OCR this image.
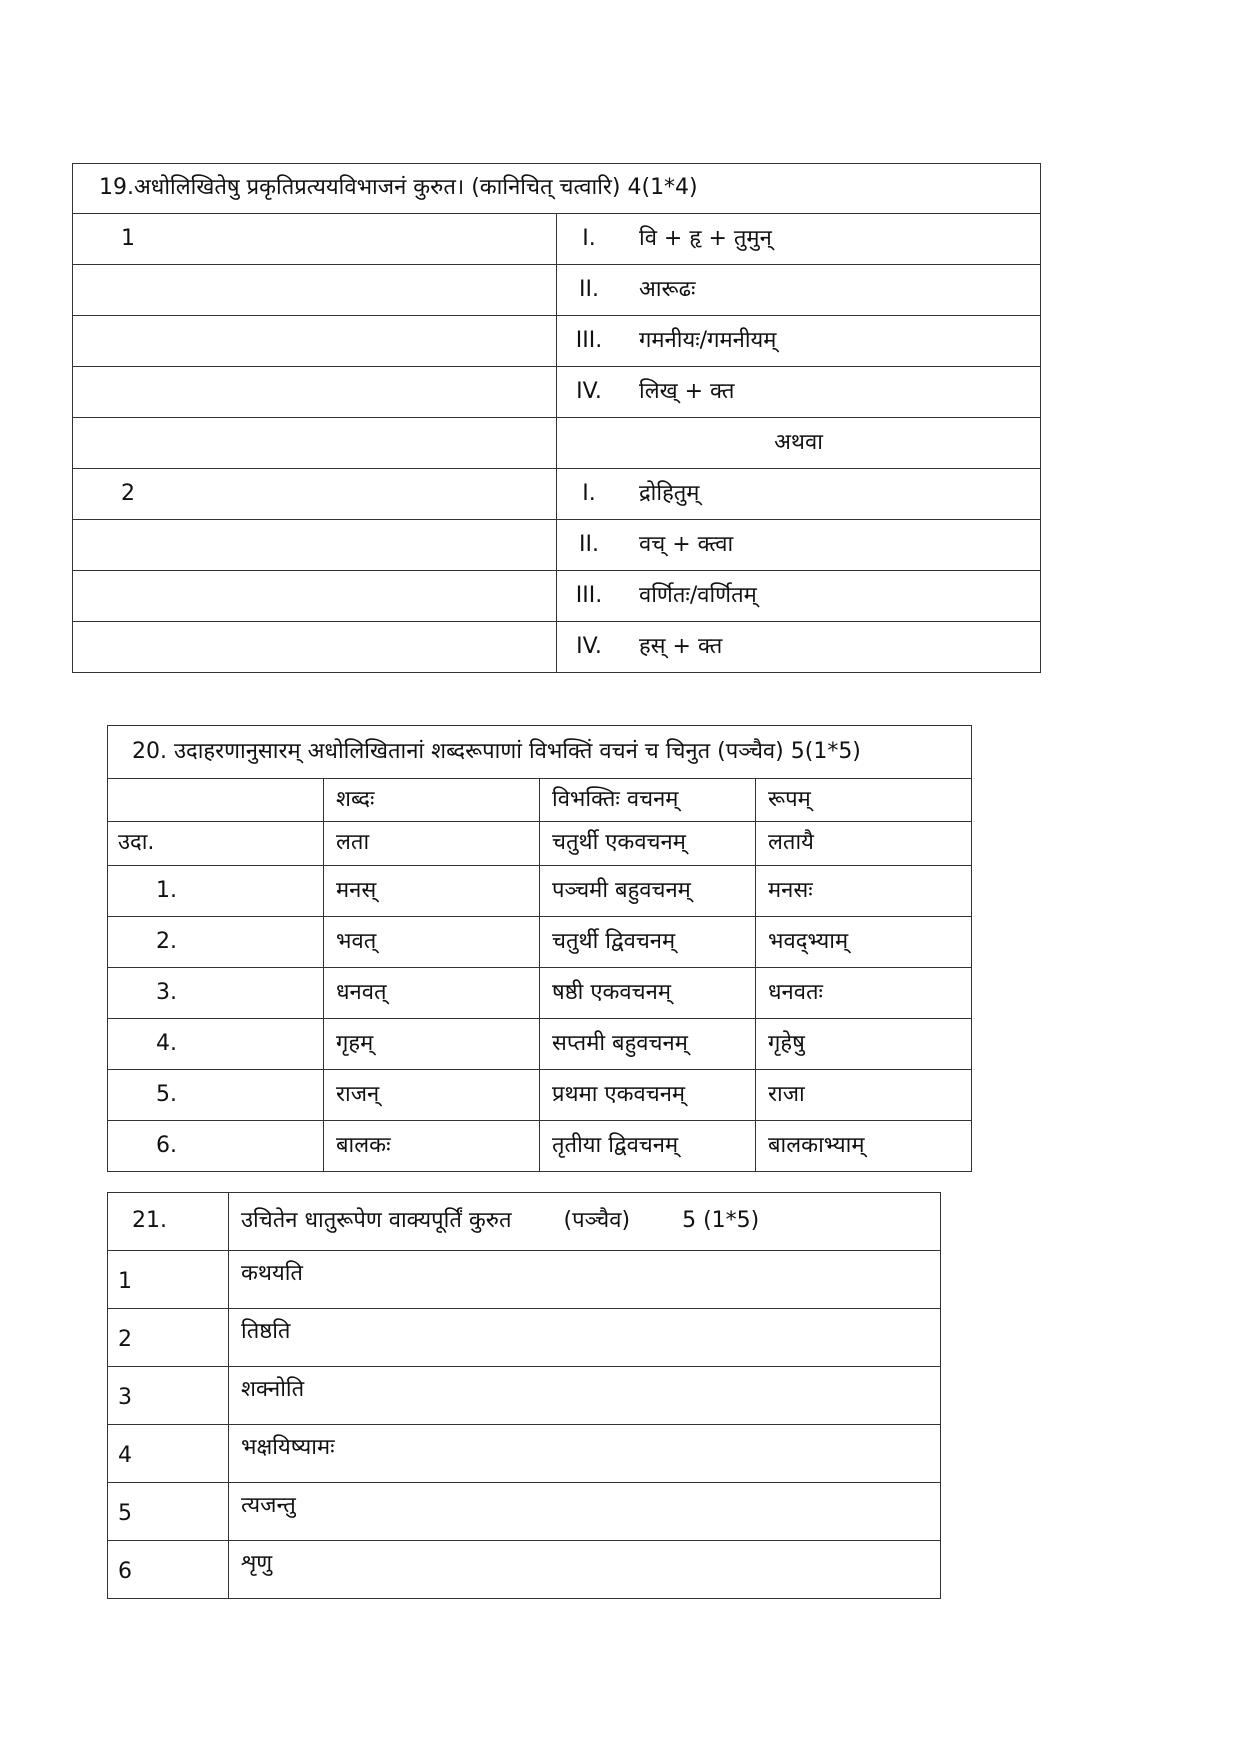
19.अधोलिखितेषु प्रकृतिप्रत्ययविभाजनं कुरुत। (कानिचित् चत्वारि) 4(1*4)	
1	I. वि + हृ + तुमुन्
	II. आरूढः
	III. गमनीयः/गमनीयम्
	IV. लिख् + क्त
	अथवा
2	I. द्रोहितुम्
	II. वच् + क्त्वा
	III. वर्णितः/वर्णितम्
	IV. हस् + क्त
20. उदाहरणानुसारम् अधोलिखितानां शब्दरूपाणां विभक्तिं वचनं च चिनुत (पञ्चैव) 5(1*5)			
	शब्दः	विभक्तिः वचनम्	रूपम्
उदा.	लता	चतुर्थी एकवचनम्	लतायै
1.	मनस्	पञ्चमी बहुवचनम्	मनसः
2.	भवत्	चतुर्थी द्विवचनम्	भवद्भ्याम्
3.	धनवत्	षष्ठी एकवचनम्	धनवतः
4.	गृहम्	सप्तमी बहुवचनम्	गृहेषु
5.	राजन्	प्रथमा एकवचनम्	राजा
6.	बालकः	तृतीया द्विवचनम्	बालकाभ्याम्
21.	उचितेन धातुरूपेण वाक्यपूर्तिं कुरुत (पञ्चैव) 5 (1*5)
1	कथयति
2	तिष्ठति
3	शक्नोति
4	भक्षयिष्यामः
5	त्यजन्तु
6	शृणु
